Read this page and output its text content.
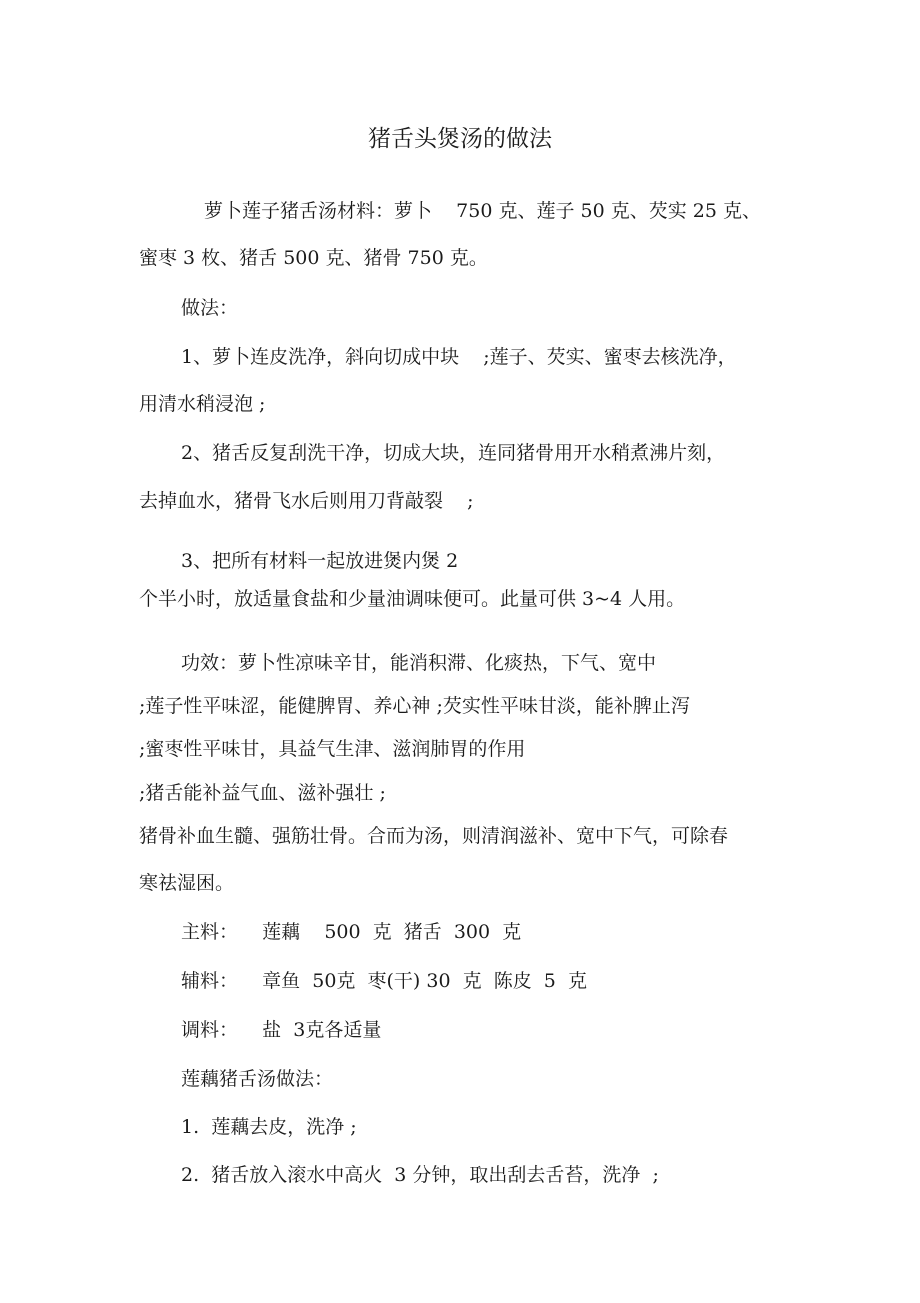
猪舌头煲汤的做法
萝卜莲子猪舌汤材料：萝卜    750 克、莲子 50 克、芡实 25 克、
蜜枣 3 枚、猪舌 500 克、猪骨 750 克。
做法：
1、萝卜连皮洗净，斜向切成中块    ;莲子、芡实、蜜枣去核洗净，
用清水稍浸泡 ;
2、猪舌反复刮洗干净，切成大块，连同猪骨用开水稍煮沸片刻，
去掉血水，猪骨飞水后则用刀背敲裂    ;
3、把所有材料一起放进煲内煲 2
个半小时，放适量食盐和少量油调味便可。此量可供 3~4 人用。
功效：萝卜性凉味辛甘，能消积滞、化痰热，下气、宽中
;莲子性平味涩，能健脾胃、养心神 ;芡实性平味甘淡，能补脾止泻
;蜜枣性平味甘，具益气生津、滋润肺胃的作用
;猪舌能补益气血、滋补强壮 ;
猪骨补血生髓、强筋壮骨。合而为汤，则清润滋补、宽中下气，可除春
寒祛湿困。
主料：    莲藕    500  克  猪舌  300  克
辅料：    章鱼  50克  枣(干) 30  克  陈皮  5  克
调料：    盐  3克各适量
莲藕猪舌汤做法：
1.  莲藕去皮，洗净 ;
2.  猪舌放入滚水中高火  3 分钟，取出刮去舌苔，洗净  ;
